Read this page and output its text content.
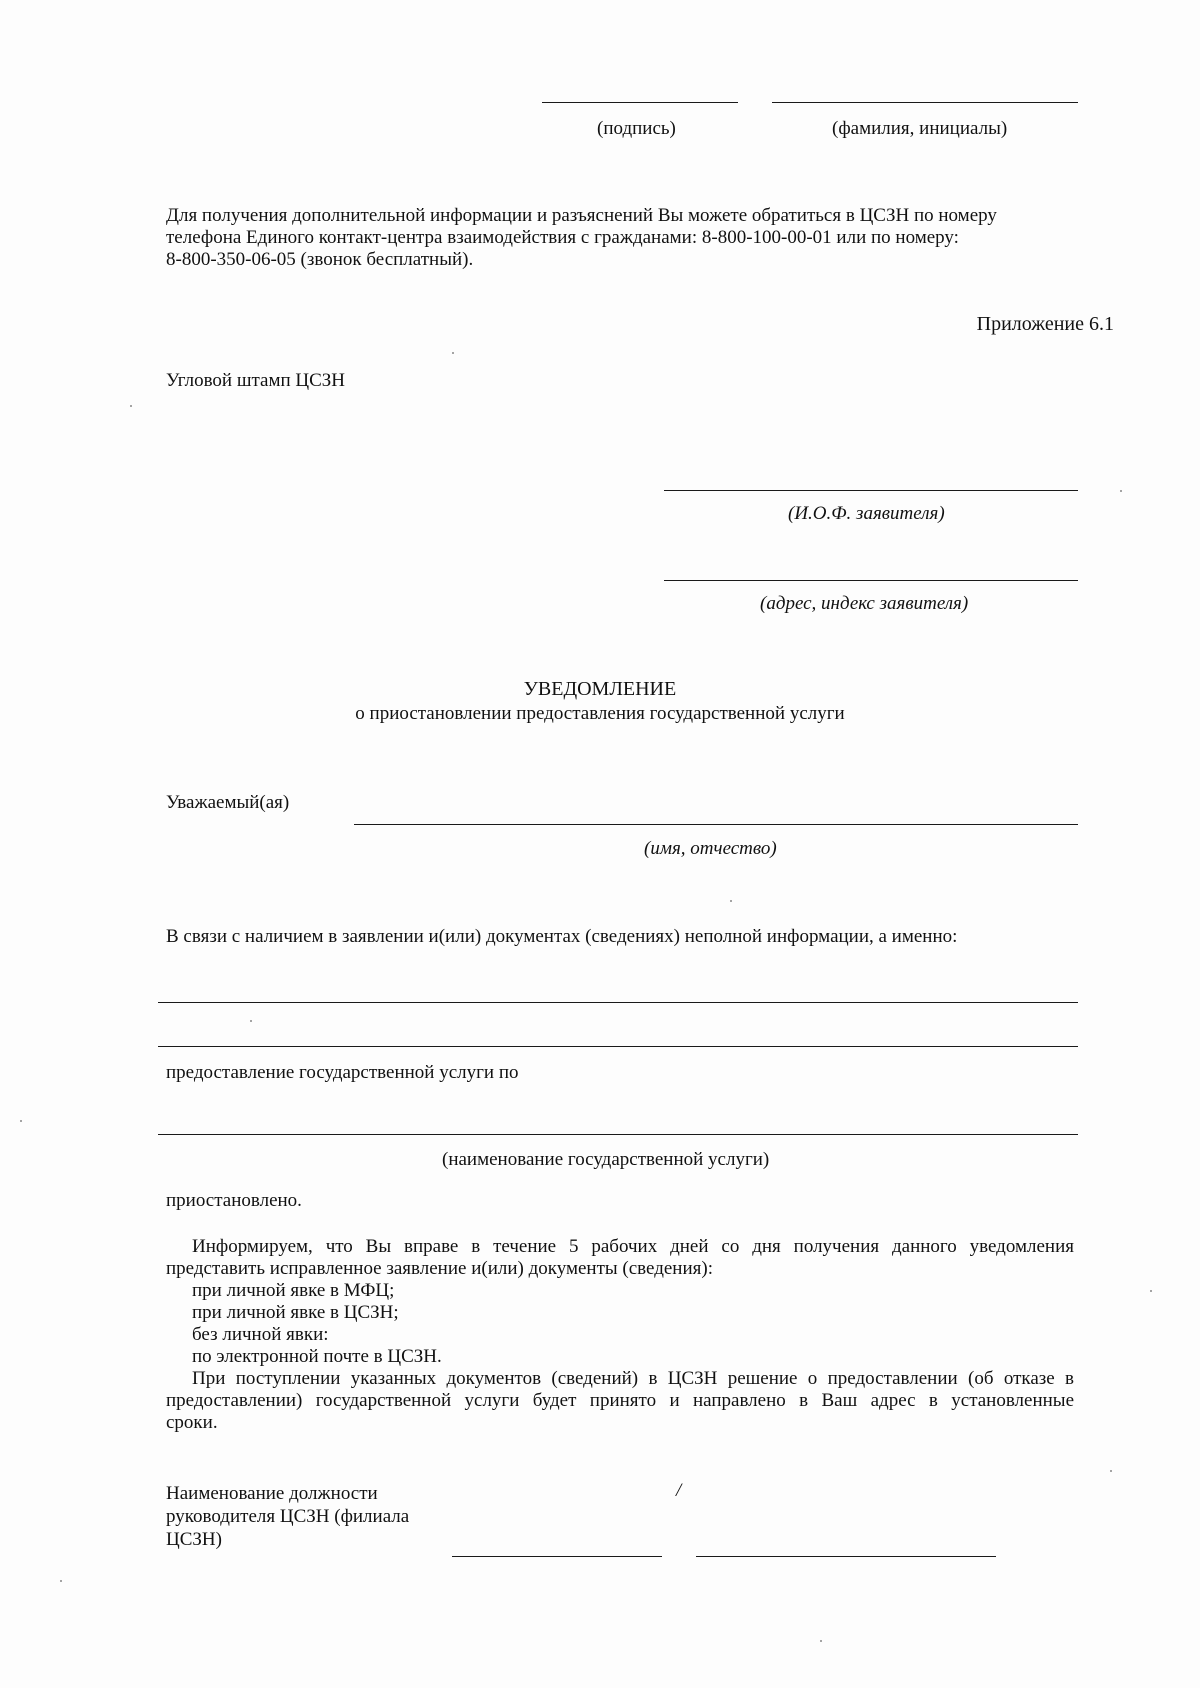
(подпись)	(фамилия, инициалы)
Для получения дополнительной информации и разъяснений Вы можете обратиться в ЦСЗН по номеру
телефона Единого контакт-центра взаимодействия с гражданами: 8-800-100-00-01 или по номеру:
8-800-350-06-05 (звонок бесплатный).
Приложение 6.1
Угловой штамп ЦСЗН
(И.О.Ф. заявителя)
(адрес, индекс заявителя)
УВЕДОМЛЕНИЕ
о приостановлении предоставления государственной услуги
Уважаемый(ая)
(имя, отчество)
В связи с наличием в заявлении и(или) документах (сведениях) неполной информации, а именно:
предоставление государственной услуги по
(наименование государственной услуги)
приостановлено.
Информируем, что Вы вправе в течение 5 рабочих дней со дня получения данного уведомления
представить исправленное заявление и(или) документы (сведения):
при личной явке в МФЦ;
при личной явке в ЦСЗН;
без личной явки:
по электронной почте в ЦСЗН.
При поступлении указанных документов (сведений) в ЦСЗН решение о предоставлении (об отказе в
предоставлении) государственной услуги будет принято и направлено в Ваш адрес в установленные
сроки.
Наименование должности
руководителя ЦСЗН (филиала
ЦСЗН)
/
